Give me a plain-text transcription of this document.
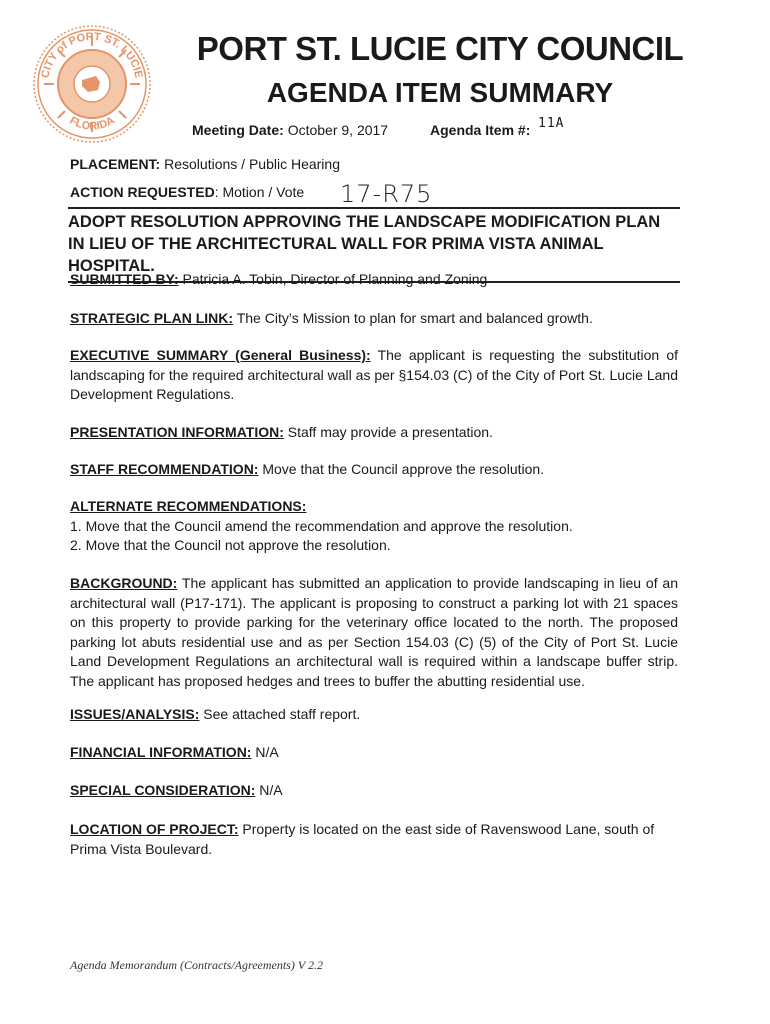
CITY of PORT ST. LUCIE
FLORIDA
PORT ST. LUCIE CITY COUNCIL
AGENDA ITEM SUMMARY
Meeting Date: October 9, 2017	Agenda Item #: 11A
PLACEMENT: Resolutions / Public Hearing
ACTION REQUESTED: Motion / Vote 17-R75
ADOPT RESOLUTION APPROVING THE LANDSCAPE MODIFICATION PLAN IN LIEU OF THE ARCHITECTURAL WALL FOR PRIMA VISTA ANIMAL HOSPITAL.
SUBMITTED BY: Patricia A. Tobin, Director of Planning and Zoning
STRATEGIC PLAN LINK: The City’s Mission to plan for smart and balanced growth.
EXECUTIVE SUMMARY (General Business): The applicant is requesting the substitution of landscaping for the required architectural wall as per §154.03 (C) of the City of Port St. Lucie Land Development Regulations.
PRESENTATION INFORMATION: Staff may provide a presentation.
STAFF RECOMMENDATION: Move that the Council approve the resolution.
ALTERNATE RECOMMENDATIONS:
1. Move that the Council amend the recommendation and approve the resolution.
2. Move that the Council not approve the resolution.
BACKGROUND: The applicant has submitted an application to provide landscaping in lieu of an architectural wall (P17-171). The applicant is proposing to construct a parking lot with 21 spaces on this property to provide parking for the veterinary office located to the north. The proposed parking lot abuts residential use and as per Section 154.03 (C) (5) of the City of Port St. Lucie Land Development Regulations an architectural wall is required within a landscape buffer strip. The applicant has proposed hedges and trees to buffer the abutting residential use.
ISSUES/ANALYSIS: See attached staff report.
FINANCIAL INFORMATION: N/A
SPECIAL CONSIDERATION: N/A
LOCATION OF PROJECT: Property is located on the east side of Ravenswood Lane, south of Prima Vista Boulevard.
Agenda Memorandum (Contracts/Agreements) V 2.2
